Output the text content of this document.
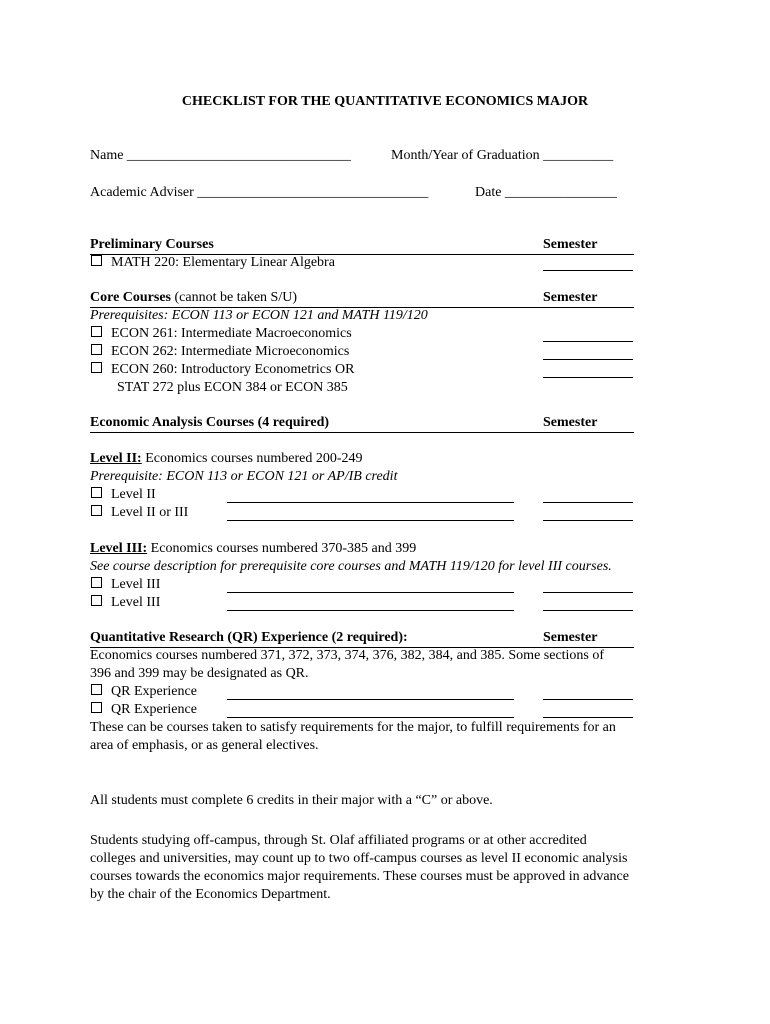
CHECKLIST FOR THE QUANTITATIVE ECONOMICS MAJOR
Name ________________________________	Month/Year of Graduation __________
Academic Adviser _________________________________	Date ________________
Preliminary Courses	Semester
MATH 220: Elementary Linear Algebra
Core Courses (cannot be taken S/U)	Semester
Prerequisites: ECON 113 or ECON 121 and MATH 119/120
ECON 261: Intermediate Macroeconomics
ECON 262: Intermediate Microeconomics
ECON 260: Introductory Econometrics OR
STAT 272 plus ECON 384 or ECON 385
Economic Analysis Courses (4 required)	Semester
Level II: Economics courses numbered 200-249
Prerequisite: ECON 113 or ECON 121 or AP/IB credit
Level II
Level II or III
Level III: Economics courses numbered 370-385 and 399
See course description for prerequisite core courses and MATH 119/120 for level III courses.
Level III
Level III
Quantitative Research (QR) Experience (2 required):	Semester
Economics courses numbered 371, 372, 373, 374, 376, 382, 384, and 385. Some sections of
396 and 399 may be designated as QR.
QR Experience
QR Experience
These can be courses taken to satisfy requirements for the major, to fulfill requirements for an
area of emphasis, or as general electives.
All students must complete 6 credits in their major with a “C” or above.
Students studying off-campus, through St. Olaf affiliated programs or at other accredited
colleges and universities, may count up to two off-campus courses as level II economic analysis
courses towards the economics major requirements. These courses must be approved in advance
by the chair of the Economics Department.
